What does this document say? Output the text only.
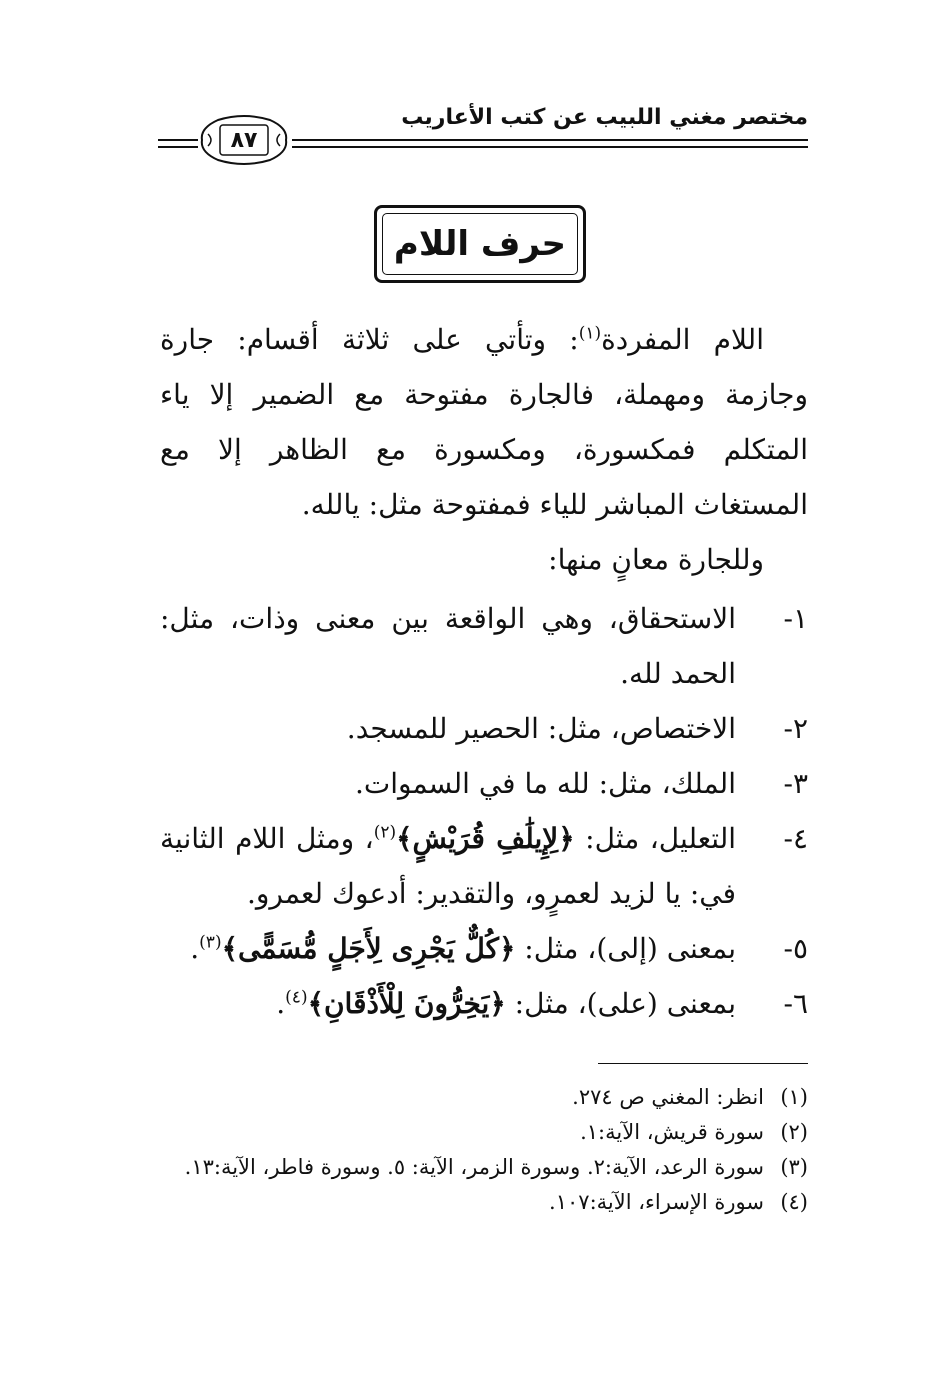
مختصر مغني اللبيب عن كتب الأعاريب
٨٧
حرف اللام

اللام المفردة$^{(١)}$: وتأتي على ثلاثة أقسام: جارة وجازمة ومهملة، فالجارة مفتوحة مع الضمير إلا ياء المتكلم فمكسورة، ومكسورة مع الظاهر إلا مع المستغاث المباشر للياء فمفتوحة مثل: يالله.

وللجارة معانٍ منها:

١-
الاستحقاق، وهي الواقعة بين معنى وذات، مثل: الحمد لله.
٢-
الاختصاص، مثل: الحصير للمسجد.
٣-
الملك، مثل: لله ما في السموات.
٤-
التعليل، مثل: ﴿لِإِيلَٰفِ قُرَيْشٍ﴾$^{(٢)}$، ومثل اللام الثانية في: يا لزيد لعمرٍو، والتقدير: أدعوك لعمرو.
٥-
بمعنى (إلى)، مثل: ﴿كُلٌّ يَجْرِى لِأَجَلٍ مُّسَمًّى﴾$^{(٣)}$.
٦-
بمعنى (على)، مثل: ﴿يَخِرُّونَ لِلْأَذْقَانِ﴾$^{(٤)}$.
(١)
انظر: المغني ص ٢٧٤.
(٢)
سورة قريش، الآية:١.
(٣)
سورة الرعد، الآية:٢. وسورة الزمر، الآية: ٥. وسورة فاطر، الآية:١٣.
(٤)
سورة الإسراء، الآية:١٠٧.
